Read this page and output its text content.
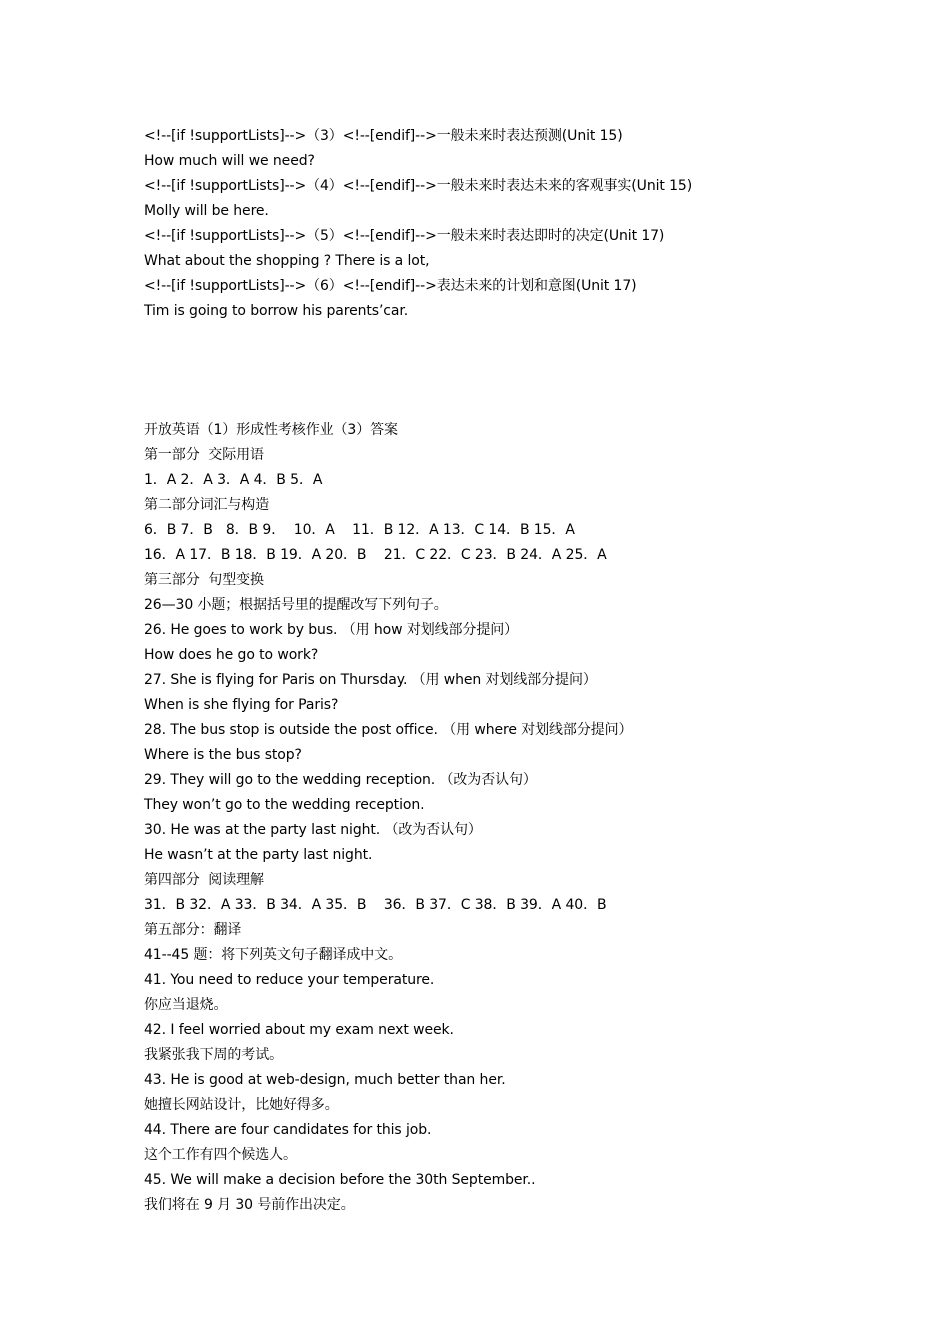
<!--[if !supportLists]-->（3）<!--[endif]-->一般未来时表达预测(Unit 15)
How much will we need?
<!--[if !supportLists]-->（4）<!--[endif]-->一般未来时表达未来的客观事实(Unit 15)
Molly will be here.
<!--[if !supportLists]-->（5）<!--[endif]-->一般未来时表达即时的决定(Unit 17)
What about the shopping ? There is a lot,
<!--[if !supportLists]-->（6）<!--[endif]-->表达未来的计划和意图(Unit 17)
Tim is going to borrow his parents’car.
开放英语（1）形成性考核作业（3）答案
第一部分  交际用语
1．A 2．A 3．A 4．B 5．A
第二部分词汇与构造
6．B 7．B   8．B 9．  10．A    11．B 12．A 13．C 14．B 15．A
16．A 17．B 18．B 19．A 20．B    21．C 22．C 23．B 24．A 25．A
第三部分  句型变换
26—30 小题；根据括号里的提醒改写下列句子。
26. He goes to work by bus. （用 how 对划线部分提问）
How does he go to work?
27. She is flying for Paris on Thursday. （用 when 对划线部分提问）
When is she flying for Paris?
28. The bus stop is outside the post office. （用 where 对划线部分提问）
Where is the bus stop?
29. They will go to the wedding reception. （改为否认句）
They won’t go to the wedding reception.
30. He was at the party last night. （改为否认句）
He wasn’t at the party last night.
第四部分  阅读理解
31．B 32．A 33．B 34．A 35．B    36．B 37．C 38．B 39．A 40．B
第五部分：翻译
41--45 题：将下列英文句子翻译成中文。
41. You need to reduce your temperature.
你应当退烧。
42. I feel worried about my exam next week.
我紧张我下周的考试。
43. He is good at web-design, much better than her.
她擅长网站设计，比她好得多。
44. There are four candidates for this job.
这个工作有四个候选人。
45. We will make a decision before the 30th September..
我们将在 9 月 30 号前作出决定。
